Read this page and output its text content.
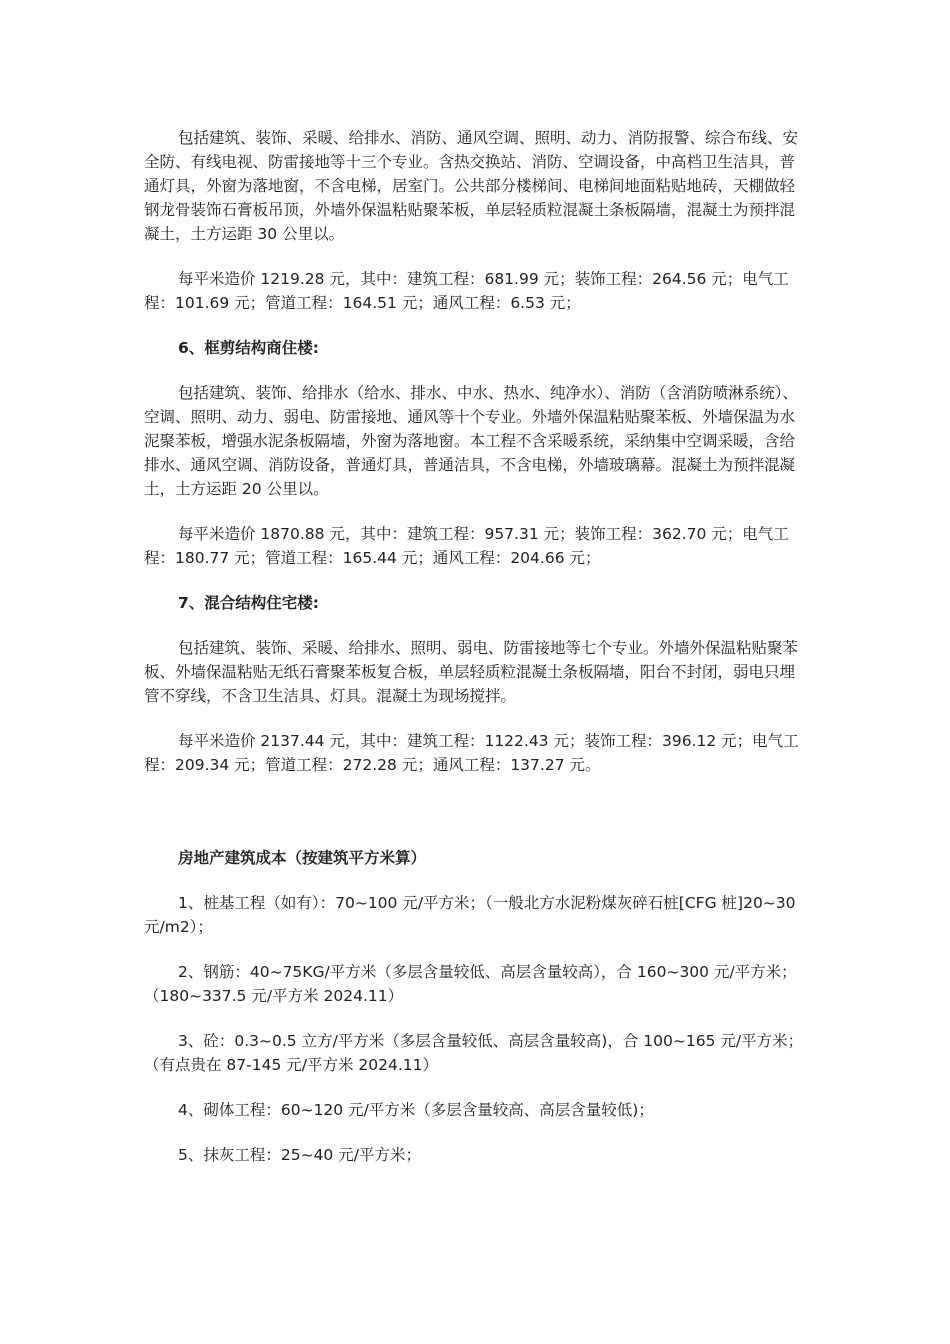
包括建筑、装饰、采暖、给排水、消防、通风空调、照明、动力、消防报警、综合布线、安全防、有线电视、防雷接地等十三个专业。含热交换站、消防、空调设备，中高档卫生洁具，普通灯具，外窗为落地窗，不含电梯，居室门。公共部分楼梯间、电梯间地面粘贴地砖，天棚做轻钢龙骨装饰石膏板吊顶，外墙外保温粘贴聚苯板，单层轻质粒混凝土条板隔墙，混凝土为预拌混凝土，土方运距 30 公里以。

每平米造价 1219.28 元，其中：建筑工程：681.99 元；装饰工程：264.56 元；电气工程：101.69 元；管道工程：164.51 元；通风工程：6.53 元；

6、框剪结构商住楼:

包括建筑、装饰、给排水（给水、排水、中水、热水、纯净水）、消防（含消防喷淋系统）、空调、照明、动力、弱电、防雷接地、通风等十个专业。外墙外保温粘贴聚苯板、外墙保温为水泥聚苯板，增强水泥条板隔墙，外窗为落地窗。本工程不含采暖系统，采纳集中空调采暖，含给排水、通风空调、消防设备，普通灯具，普通洁具，不含电梯，外墙玻璃幕。混凝土为预拌混凝土，土方运距 20 公里以。

每平米造价 1870.88 元，其中：建筑工程：957.31 元；装饰工程：362.70 元；电气工程：180.77 元；管道工程：165.44 元；通风工程：204.66 元；

7、混合结构住宅楼:

包括建筑、装饰、采暖、给排水、照明、弱电、防雷接地等七个专业。外墙外保温粘贴聚苯板、外墙保温粘贴无纸石膏聚苯板复合板，单层轻质粒混凝土条板隔墙，阳台不封闭，弱电只埋管不穿线，不含卫生洁具、灯具。混凝土为现场搅拌。

每平米造价 2137.44 元，其中：建筑工程：1122.43 元；装饰工程：396.12 元；电气工程：209.34 元；管道工程：272.28 元；通风工程：137.27 元。

房地产建筑成本（按建筑平方米算）

1、桩基工程（如有）：70~100 元/平方米；（一般北方水泥粉煤灰碎石桩[CFG 桩]20~30 元/m2）；

2、钢筋：40~75KG/平方米（多层含量较低、高层含量较高），合 160~300 元/平方米；（180~337.5 元/平方米 2024.11）

3、砼：0.3~0.5 立方/平方米（多层含量较低、高层含量较高)，合 100~165 元/平方米；（有点贵在 87-145 元/平方米 2024.11）

4、砌体工程：60~120 元/平方米（多层含量较高、高层含量较低)；

5、抹灰工程：25~40 元/平方米；
